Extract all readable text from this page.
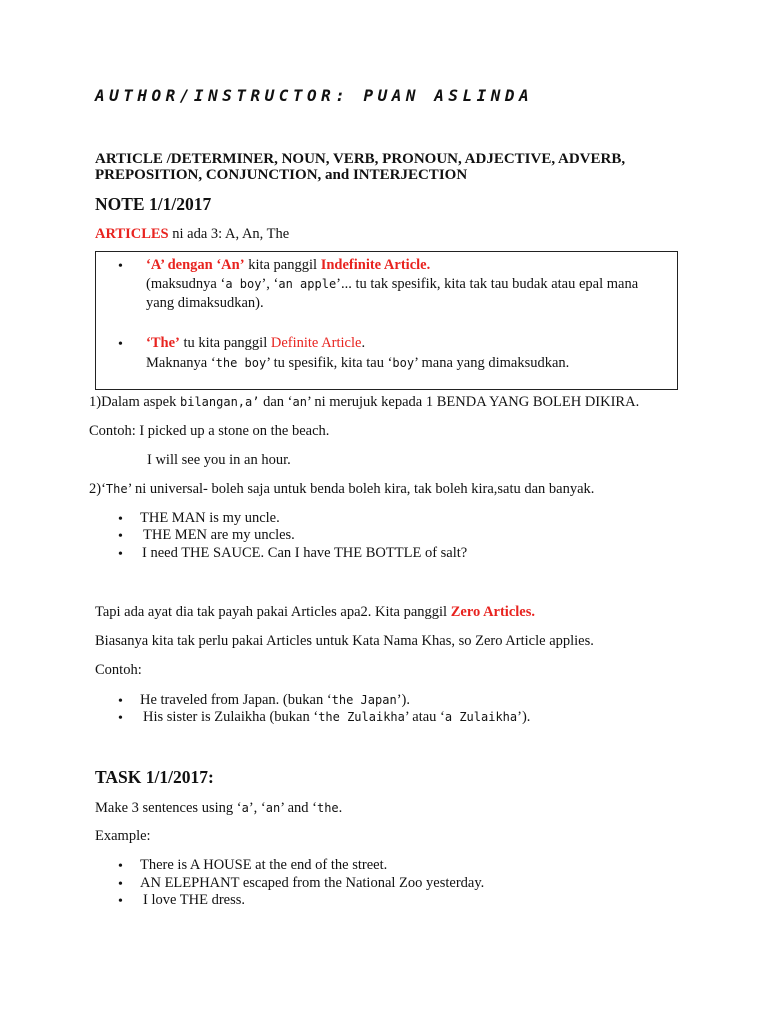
AUTHOR/INSTRUCTOR: PUAN ASLINDA
ARTICLE /DETERMINER, NOUN, VERB, PRONOUN, ADJECTIVE, ADVERB,
PREPOSITION, CONJUNCTION, and INTERJECTION
NOTE 1/1/2017
ARTICLES ni ada 3: A, An, The
• ‘A’ dengan ‘An’ kita panggil Indefinite Article.
(maksudnya ‘a boy’, ‘an apple’... tu tak spesifik, kita tak tau budak atau epal mana
yang dimaksudkan).
• ‘The’ tu kita panggil Definite Article.
Maknanya ‘the boy’ tu spesifik, kita tau ‘boy’ mana yang dimaksudkan.
1)Dalam aspek bilangan,a’ dan ‘an’ ni merujuk kepada 1 BENDA YANG BOLEH DIKIRA.
Contoh: I picked up a stone on the beach.
I will see you in an hour.
2)‘The’ ni universal- boleh saja untuk benda boleh kira, tak boleh kira,satu dan banyak.
• THE MAN is my uncle.
• THE MEN are my uncles.
• I need THE SAUCE. Can I have THE BOTTLE of salt?
Tapi ada ayat dia tak payah pakai Articles apa2. Kita panggil Zero Articles.
Biasanya kita tak perlu pakai Articles untuk Kata Nama Khas, so Zero Article applies.
Contoh:
• He traveled from Japan. (bukan ‘the Japan’).
• His sister is Zulaikha (bukan ‘the Zulaikha’ atau ‘a Zulaikha’).
TASK 1/1/2017:
Make 3 sentences using ‘a’, ‘an’ and ‘the.
Example:
• There is A HOUSE at the end of the street.
• AN ELEPHANT escaped from the National Zoo yesterday.
• I love THE dress.
